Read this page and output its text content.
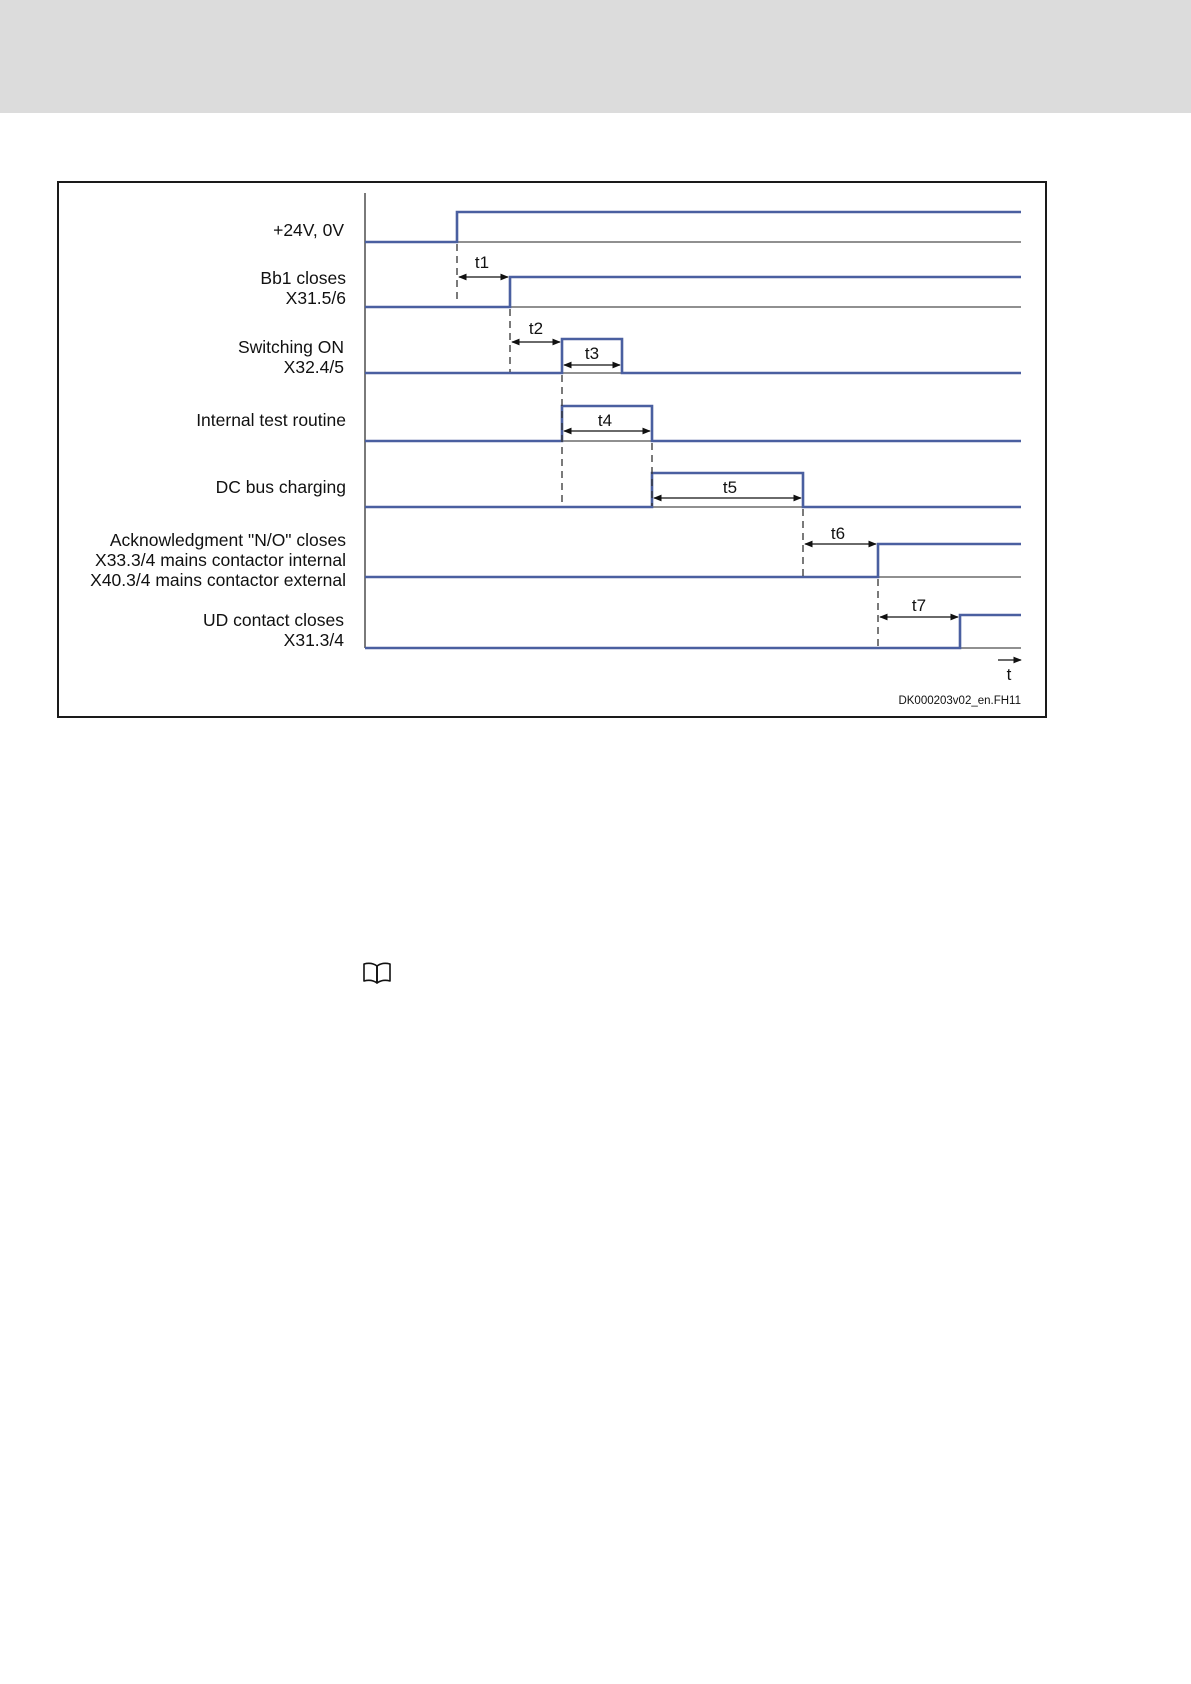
+24V, 0V
Bb1 closes
X31.5/6
Switching ON
X32.4/5
Internal test routine
DC bus charging
Acknowledgment "N/O" closes
X33.3/4 mains contactor internal
X40.3/4 mains contactor external
UD contact closes
X31.3/4
t1
t2
t3
t4
t5
t6
t7
t
DK000203v02_en.FH11
